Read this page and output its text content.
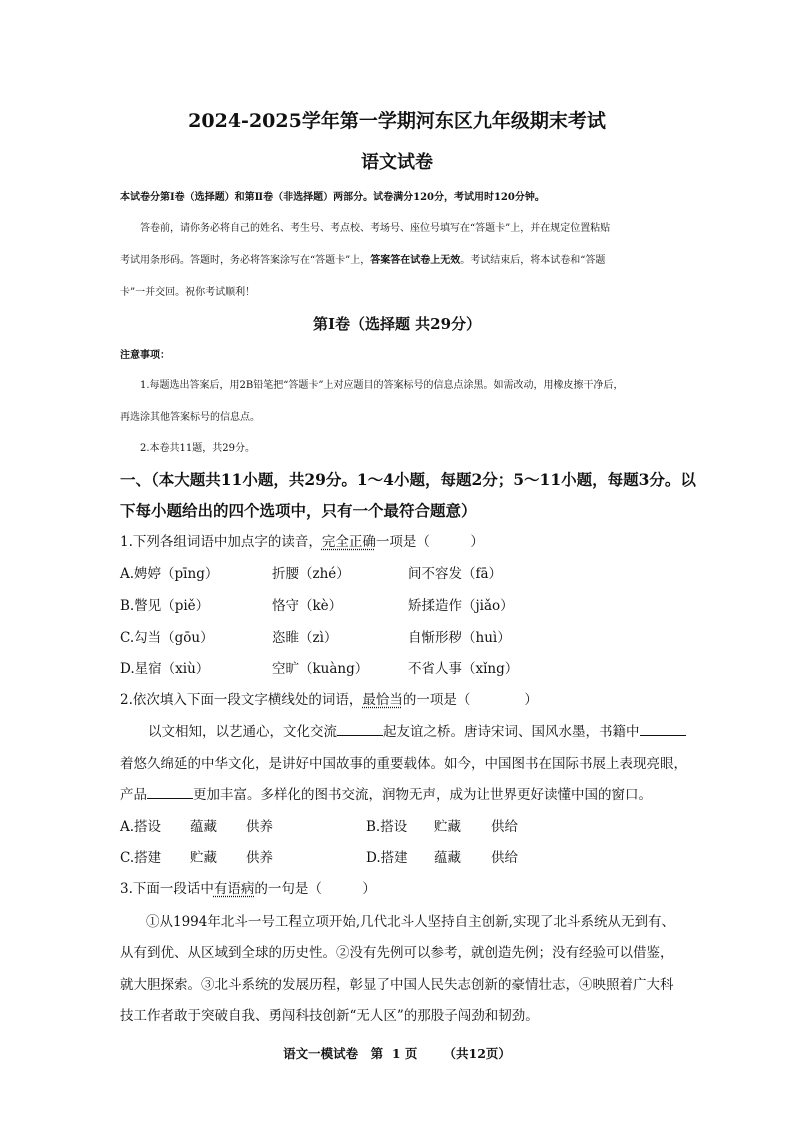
2024-2025学年第一学期河东区九年级期末考试
语文试卷
本试卷分第Ⅰ卷（选择题）和第Ⅱ卷（非选择题）两部分。试卷满分120分，考试用时120分钟。
答卷前，请你务必将自己的姓名、考生号、考点校、考场号、座位号填写在“答题卡”上，并在规定位置粘贴
考试用条形码。答题时，务必将答案涂写在“答题卡”上，答案答在试卷上无效。考试结束后，将本试卷和“答题
卡”一并交回。祝你考试顺利！
第Ⅰ卷（选择题 共29分）
注意事项：
1.每题选出答案后，用2B铅笔把“答题卡”上对应题目的答案标号的信息点涂黑。如需改动，用橡皮擦干净后，
再选涂其他答案标号的信息点。
2.本卷共11题，共29分。
一、（本大题共11小题，共29分。1～4小题，每题2分；5～11小题，每题3分。以
下每小题给出的四个选项中，只有一个最符合题意）
1.下列各组词语中加点字的读音，完全正确一项是（　　　）
A.娉婷（pīng）	折腰（zhé）	间不容发（fā）
B.瞥见（piě）	恪守（kè）	矫揉造作（jiǎo）
C.勾当（gōu）	恣睢（zì）	自惭形秽（huì）
D.星宿（xiù）	空旷（kuàng）	不省人事（xǐng）
2.依次填入下面一段文字横线处的词语，最恰当的一项是（　　　　）
以文相知，以艺通心，文化交流	起友谊之桥。唐诗宋词、国风水墨，书籍中
着悠久绵延的中华文化，是讲好中国故事的重要载体。如今，中国图书在国际书展上表现亮眼，
产品	更加丰富。多样化的图书交流，润物无声，成为让世界更好读懂中国的窗口。
A.搭设 蕴藏 供养	B.搭设 贮藏 供给
C.搭建 贮藏 供养	D.搭建 蕴藏 供给
3.下面一段话中有语病的一句是（　　　）
①从1994年北斗一号工程立项开始,几代北斗人坚持自主创新,实现了北斗系统从无到有、
从有到优、从区域到全球的历史性。②没有先例可以参考，就创造先例；没有经验可以借鉴，
就大胆探索。③北斗系统的发展历程，彰显了中国人民失志创新的豪情壮志，④映照着广大科
技工作者敢于突破自我、勇闯科技创新“无人区”的那股子闯劲和韧劲。
语文一模试卷　第 1 页 （共12页）
